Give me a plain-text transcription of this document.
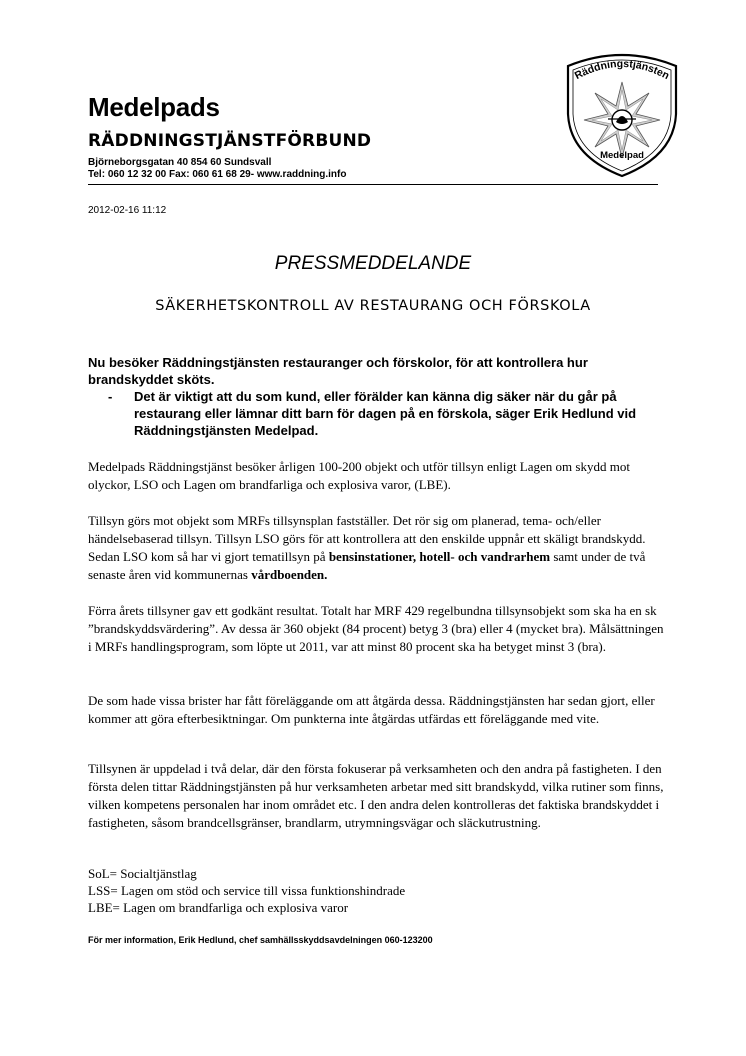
Medelpads
RÄDDNINGSTJÄNSTFÖRBUND
Björneborgsgatan 40 854 60 Sundsvall
Tel: 060 12 32 00 Fax: 060 61 68 29- www.raddning.info
Räddningstjänsten
Medelpad
2012-02-16 11:12
PRESSMEDDELANDE
SÄKERHETSKONTROLL AV RESTAURANG OCH FÖRSKOLA

Nu besöker Räddningstjänsten restauranger och förskolor, för att kontrollera hur brandskyddet sköts.

- Det är viktigt att du som kund, eller förälder kan känna dig säker när du går på restaurang eller lämnar ditt barn för dagen på en förskola, säger Erik Hedlund vid Räddningstjänsten Medelpad.

Medelpads Räddningstjänst besöker årligen 100-200 objekt och utför tillsyn enligt Lagen om skydd mot olyckor, LSO och Lagen om brandfarliga och explosiva varor, (LBE).

Tillsyn görs mot objekt som MRFs tillsynsplan fastställer. Det rör sig om planerad, tema- och/eller händelsebaserad tillsyn. Tillsyn LSO görs för att kontrollera att den enskilde uppnår ett skäligt brandskydd. Sedan LSO kom så har vi gjort tematillsyn på bensinstationer, hotell- och vandrarhem samt under de två senaste åren vid kommunernas vårdboenden.

Förra årets tillsyner gav ett godkänt resultat. Totalt har MRF 429 regelbundna tillsynsobjekt som ska ha en sk ”brandskyddsvärdering”. Av dessa är 360 objekt (84 procent) betyg 3 (bra) eller 4 (mycket bra). Målsättningen i MRFs handlingsprogram, som löpte ut 2011, var att minst 80 procent ska ha betyget minst 3 (bra).

De som hade vissa brister har fått föreläggande om att åtgärda dessa. Räddningstjänsten har sedan gjort, eller kommer att göra efterbesiktningar. Om punkterna inte åtgärdas utfärdas ett föreläggande med vite.

Tillsynen är uppdelad i två delar, där den första fokuserar på verksamheten och den andra på fastigheten. I den första delen tittar Räddningstjänsten på hur verksamheten arbetar med sitt brandskydd, vilka rutiner som finns, vilken kompetens personalen har inom området etc. I den andra delen kontrolleras det faktiska brandskyddet i fastigheten, såsom brandcellsgränser, brandlarm, utrymningsvägar och släckutrustning.

SoL= Socialtjänstlag
LSS= Lagen om stöd och service till vissa funktionshindrade
LBE= Lagen om brandfarliga och explosiva varor
För mer information, Erik Hedlund, chef samhällsskyddsavdelningen 060-123200
